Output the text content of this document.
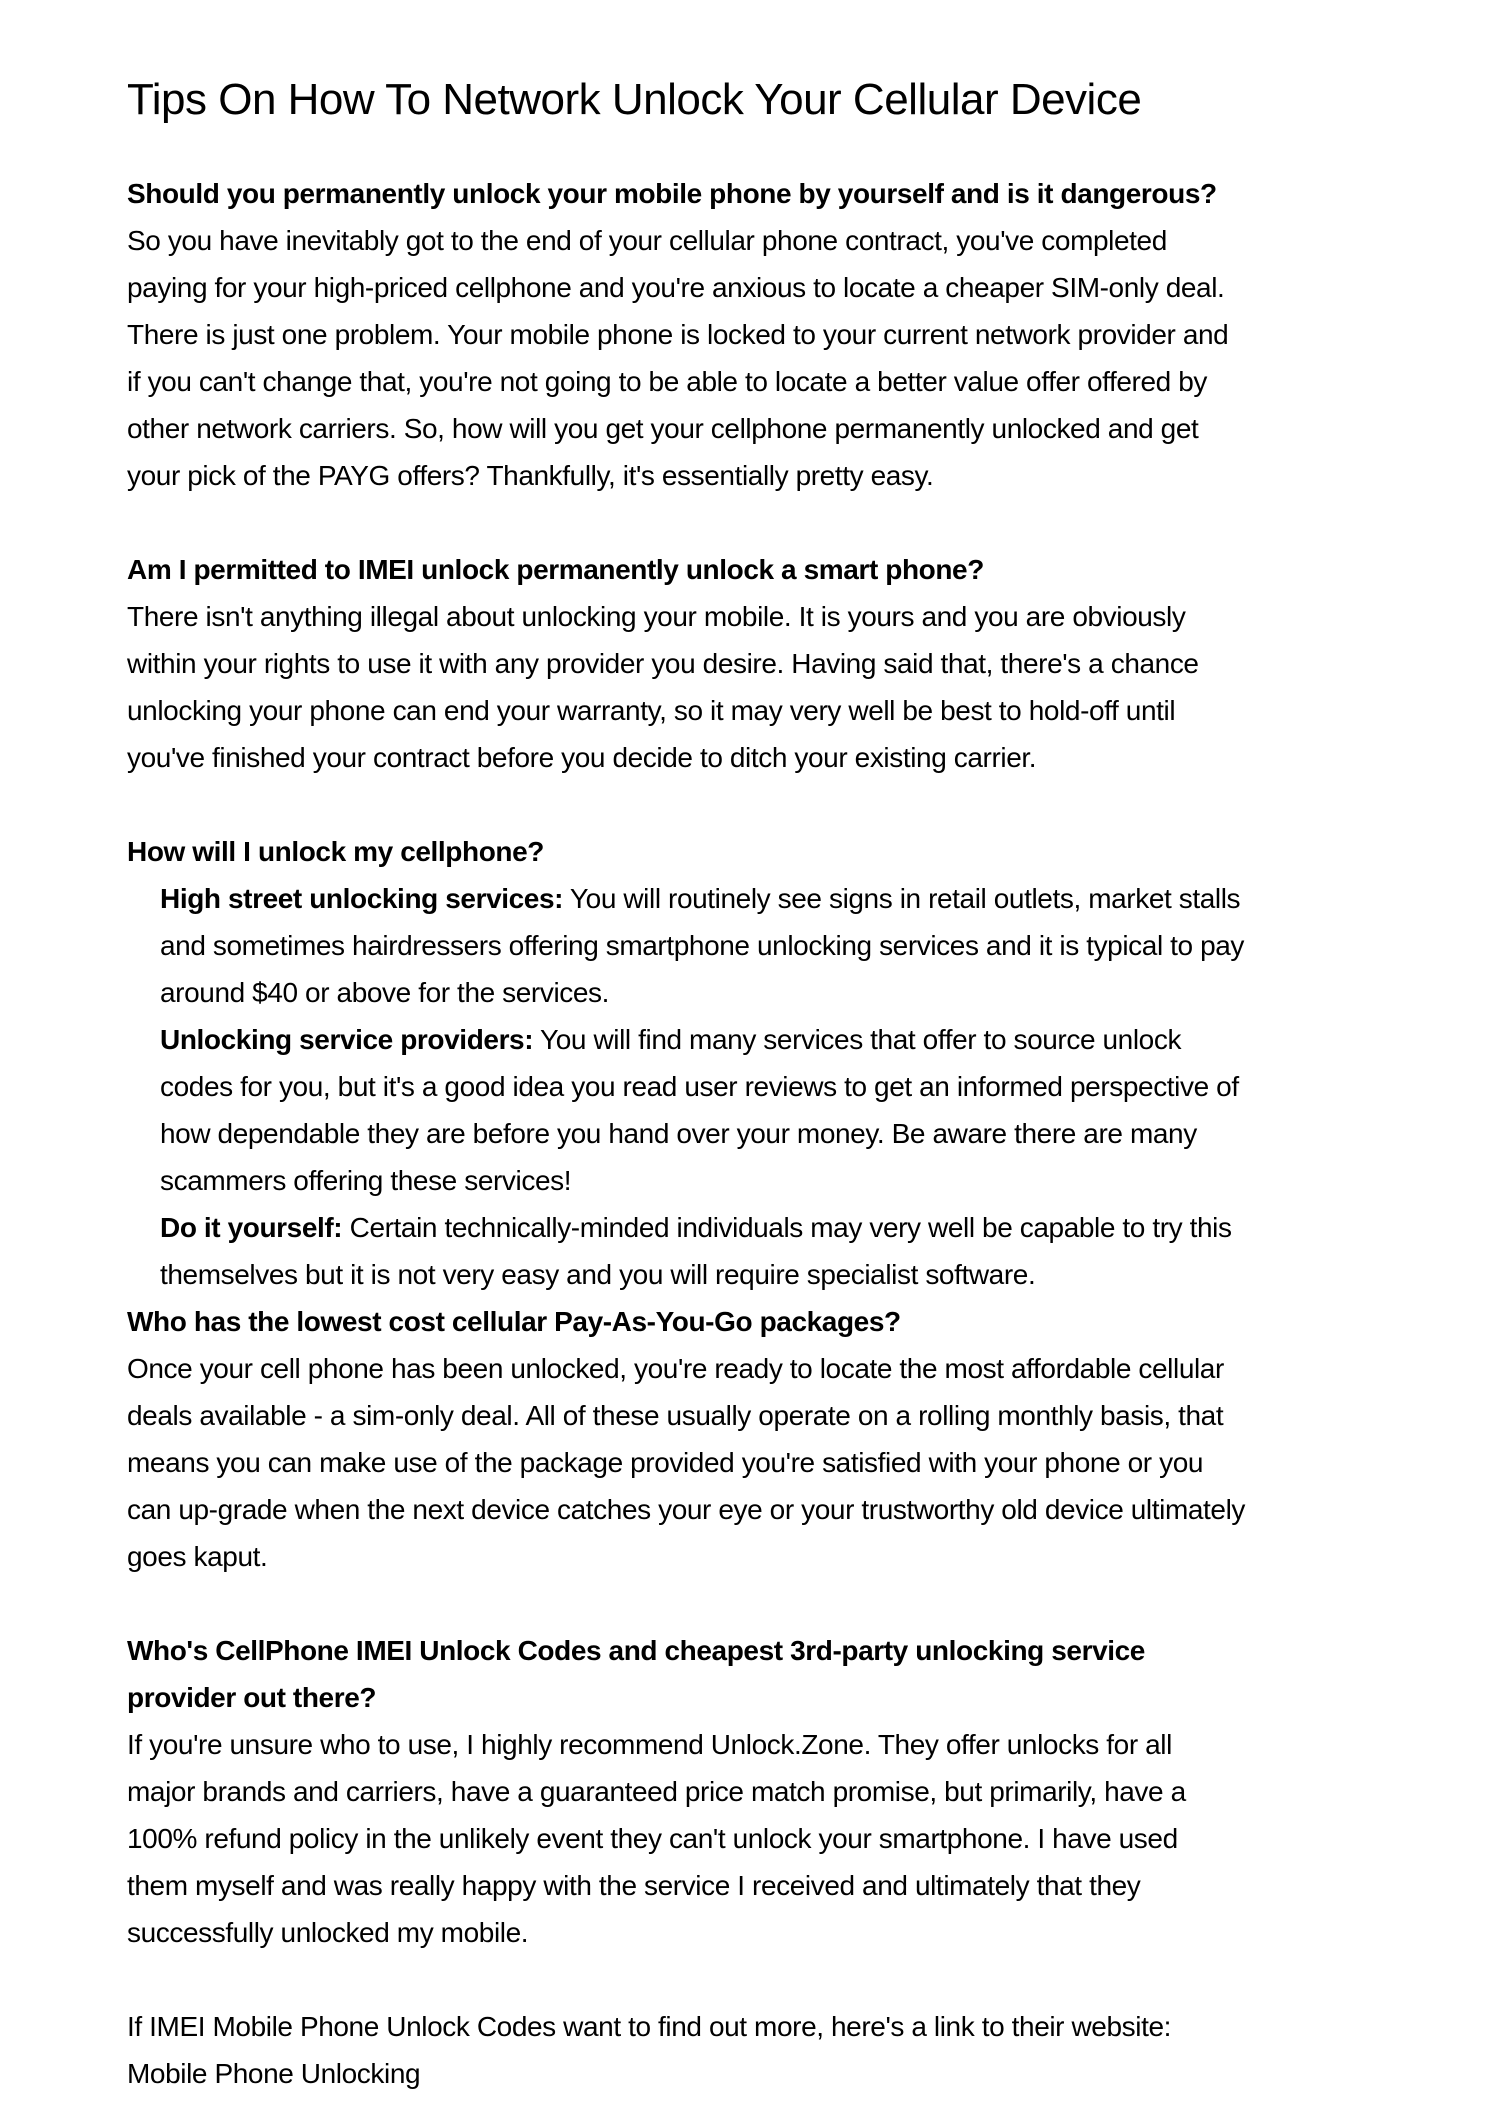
Tips On How To Network Unlock Your Cellular Device
Should you permanently unlock your mobile phone by yourself and is it dangerous?
So you have inevitably got to the end of your cellular phone contract, you've completed
paying for your high-priced cellphone and you're anxious to locate a cheaper SIM-only deal.
There is just one problem. Your mobile phone is locked to your current network provider and
if you can't change that, you're not going to be able to locate a better value offer offered by
other network carriers. So, how will you get your cellphone permanently unlocked and get
your pick of the PAYG offers? Thankfully, it's essentially pretty easy.
Am I permitted to IMEI unlock permanently unlock a smart phone?
There isn't anything illegal about unlocking your mobile. It is yours and you are obviously
within your rights to use it with any provider you desire. Having said that, there's a chance
unlocking your phone can end your warranty, so it may very well be best to hold-off until
you've finished your contract before you decide to ditch your existing carrier.
How will I unlock my cellphone?
High street unlocking services: You will routinely see signs in retail outlets, market stalls
and sometimes hairdressers offering smartphone unlocking services and it is typical to pay
around $40 or above for the services.
Unlocking service providers: You will find many services that offer to source unlock
codes for you, but it's a good idea you read user reviews to get an informed perspective of
how dependable they are before you hand over your money. Be aware there are many
scammers offering these services!
Do it yourself: Certain technically-minded individuals may very well be capable to try this
themselves but it is not very easy and you will require specialist software.
Who has the lowest cost cellular Pay-As-You-Go packages?
Once your cell phone has been unlocked, you're ready to locate the most affordable cellular
deals available - a sim-only deal. All of these usually operate on a rolling monthly basis, that
means you can make use of the package provided you're satisfied with your phone or you
can up-grade when the next device catches your eye or your trustworthy old device ultimately
goes kaput.
Who's CellPhone IMEI Unlock Codes and cheapest 3rd-party unlocking service
provider out there?
If you're unsure who to use, I highly recommend Unlock.Zone. They offer unlocks for all
major brands and carriers, have a guaranteed price match promise, but primarily, have a
100% refund policy in the unlikely event they can't unlock your smartphone. I have used
them myself and was really happy with the service I received and ultimately that they
successfully unlocked my mobile.
If IMEI Mobile Phone Unlock Codes want to find out more, here's a link to their website:
Mobile Phone Unlocking
